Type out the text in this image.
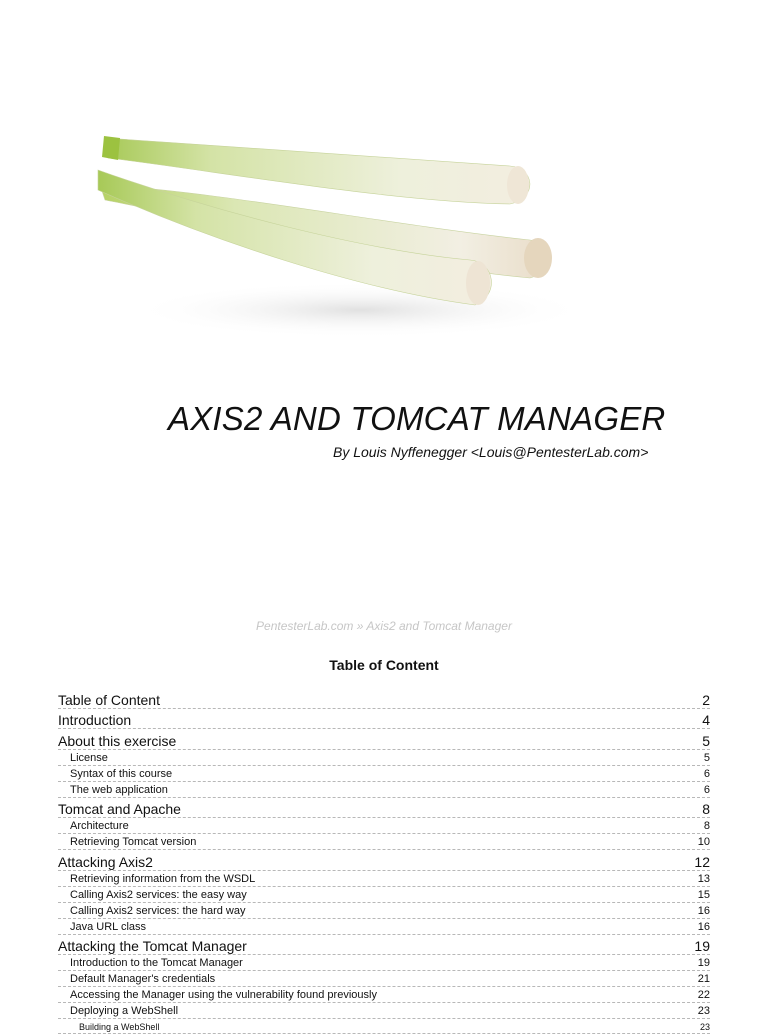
AXIS2 AND TOMCAT MANAGER
By Louis Nyffenegger <Louis@PentesterLab.com>
PentesterLab.com » Axis2 and Tomcat Manager
Table of Content
Table of Content	2
Introduction	4
About this exercise	5
License	5
Syntax of this course	6
The web application	6
Tomcat and Apache	8
Architecture	8
Retrieving Tomcat version	10
Attacking Axis2	12
Retrieving information from the WSDL	13
Calling Axis2 services: the easy way	15
Calling Axis2 services: the hard way	16
Java URL class	16
Attacking the Tomcat Manager	19
Introduction to the Tomcat Manager	19
Default Manager's credentials	21
Accessing the Manager using the vulnerability found previously	22
Deploying a WebShell	23
Building a WebShell	23
